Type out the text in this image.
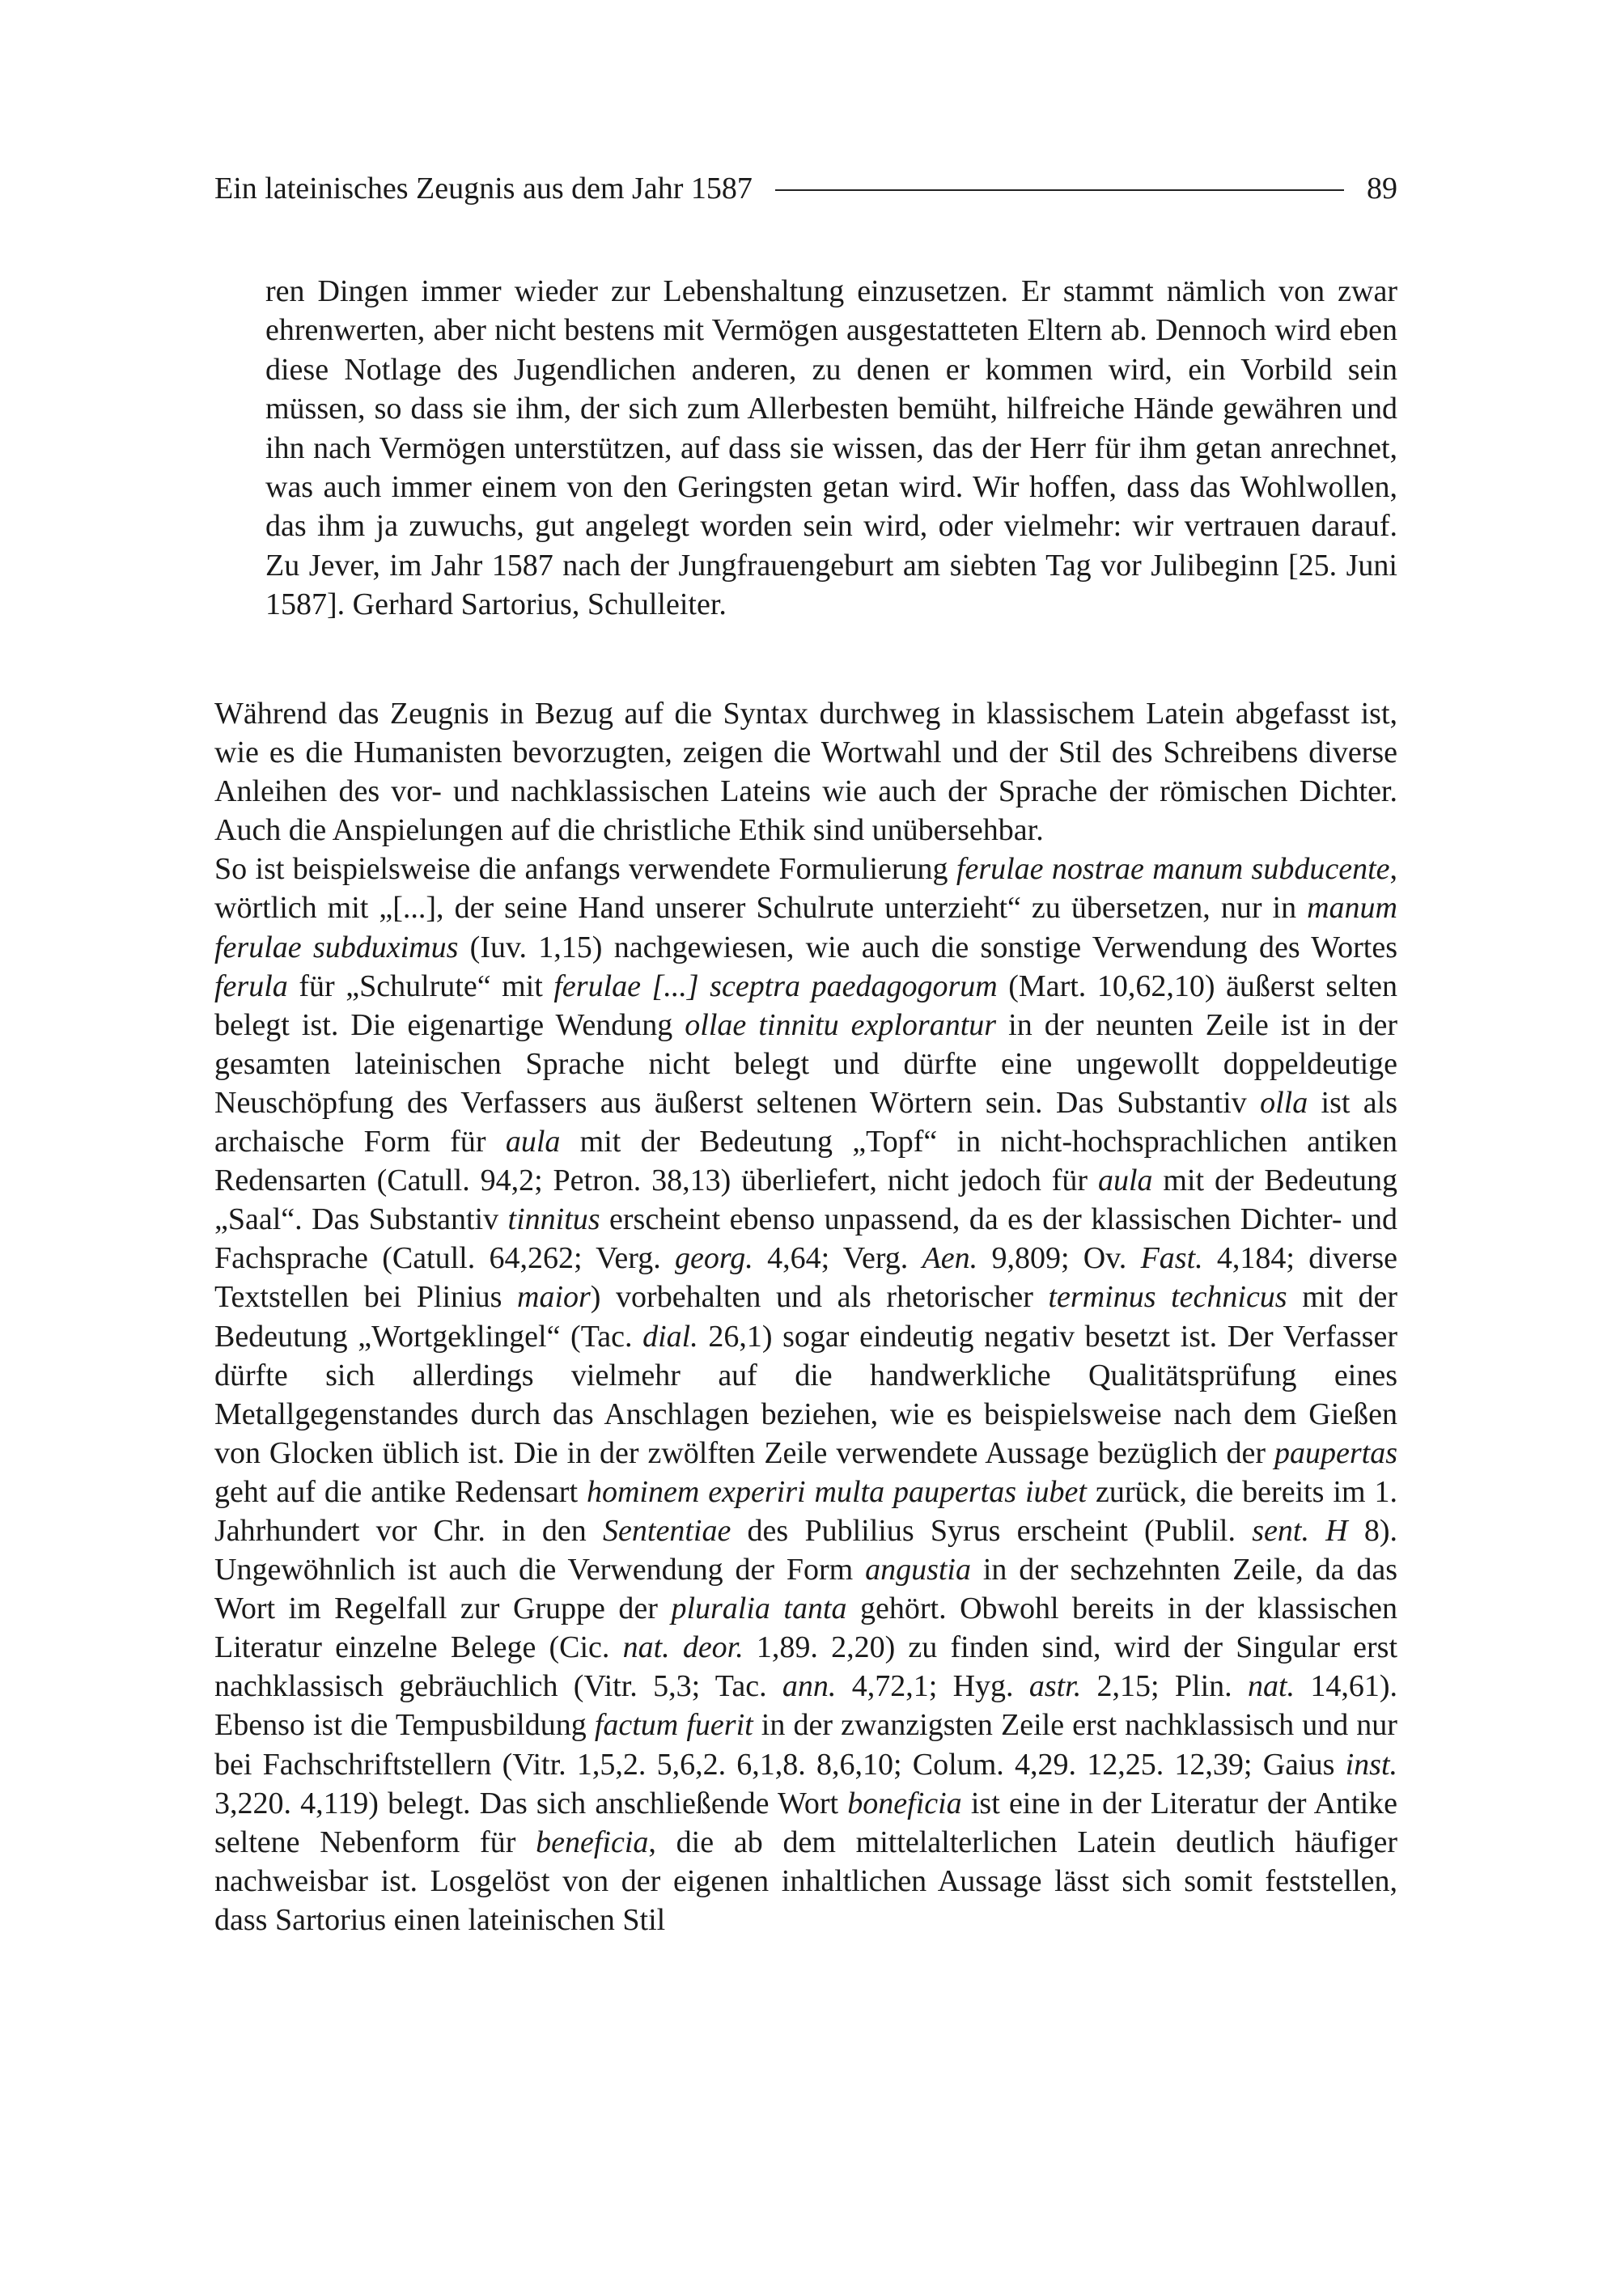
Ein lateinisches Zeugnis aus dem Jahr 1587	89

ren Dingen immer wieder zur Lebenshaltung einzusetzen. Er stammt nämlich von zwar ehrenwerten, aber nicht bestens mit Vermögen ausgestatteten Eltern ab. Dennoch wird eben diese Notlage des Jugendlichen anderen, zu denen er kommen wird, ein Vorbild sein müssen, so dass sie ihm, der sich zum Allerbesten bemüht, hilfreiche Hände gewähren und ihn nach Vermögen unterstützen, auf dass sie wissen, das der Herr für ihm getan anrechnet, was auch immer einem von den Geringsten getan wird. Wir hoffen, dass das Wohlwollen, das ihm ja zuwuchs, gut angelegt worden sein wird, oder vielmehr: wir vertrauen darauf. Zu Jever, im Jahr 1587 nach der Jungfrauengeburt am siebten Tag vor Julibeginn [25. Juni 1587]. Gerhard Sartorius, Schulleiter.

Während das Zeugnis in Bezug auf die Syntax durchweg in klassischem Latein abgefasst ist, wie es die Humanisten bevorzugten, zeigen die Wortwahl und der Stil des Schreibens diverse Anleihen des vor- und nachklassischen Lateins wie auch der Sprache der römischen Dichter. Auch die Anspielungen auf die christliche Ethik sind unübersehbar.

So ist beispielsweise die anfangs verwendete Formulierung ferulae nostrae manum subducente, wörtlich mit „[...], der seine Hand unserer Schulrute unterzieht“ zu übersetzen, nur in manum ferulae subduximus (Iuv. 1,15) nachgewiesen, wie auch die sonstige Verwendung des Wortes ferula für „Schulrute“ mit ferulae [...] sceptra paedagogorum (Mart. 10,62,10) äußerst selten belegt ist. Die eigenartige Wendung ollae tinnitu explorantur in der neunten Zeile ist in der gesamten lateinischen Sprache nicht belegt und dürfte eine ungewollt doppeldeutige Neuschöpfung des Verfassers aus äußerst seltenen Wörtern sein. Das Substantiv olla ist als archaische Form für aula mit der Bedeutung „Topf“ in nicht-hochsprachlichen antiken Redensarten (Catull. 94,2; Petron. 38,13) überliefert, nicht jedoch für aula mit der Bedeutung „Saal“. Das Substantiv tinnitus erscheint ebenso unpassend, da es der klassischen Dichter- und Fachsprache (Catull. 64,262; Verg. georg. 4,64; Verg. Aen. 9,809; Ov. Fast. 4,184; diverse Textstellen bei Plinius maior) vorbehalten und als rhetorischer terminus technicus mit der Bedeutung „Wortgeklingel“ (Tac. dial. 26,1) sogar eindeutig negativ besetzt ist. Der Verfasser dürfte sich allerdings vielmehr auf die handwerkliche Qualitätsprüfung eines Metallgegenstandes durch das Anschlagen beziehen, wie es beispielsweise nach dem Gießen von Glocken üblich ist. Die in der zwölften Zeile verwendete Aussage bezüglich der paupertas geht auf die antike Redensart hominem experiri multa paupertas iubet zurück, die bereits im 1. Jahrhundert vor Chr. in den Sententiae des Publilius Syrus erscheint (Publil. sent. H 8). Ungewöhnlich ist auch die Verwendung der Form angustia in der sechzehnten Zeile, da das Wort im Regelfall zur Gruppe der pluralia tanta gehört. Obwohl bereits in der klassischen Literatur einzelne Belege (Cic. nat. deor. 1,89. 2,20) zu finden sind, wird der Singular erst nachklassisch gebräuchlich (Vitr. 5,3; Tac. ann. 4,72,1; Hyg. astr. 2,15; Plin. nat. 14,61). Ebenso ist die Tempusbildung factum fuerit in der zwanzigsten Zeile erst nachklassisch und nur bei Fachschriftstellern (Vitr. 1,5,2. 5,6,2. 6,1,8. 8,6,10; Colum. 4,29. 12,25. 12,39; Gaius inst. 3,220. 4,119) belegt. Das sich anschließende Wort boneficia ist eine in der Literatur der Antike seltene Nebenform für beneficia, die ab dem mittelalterlichen Latein deutlich häufiger nachweisbar ist. Losgelöst von der eigenen inhaltlichen Aussage lässt sich somit feststellen, dass Sartorius einen lateinischen Stil
